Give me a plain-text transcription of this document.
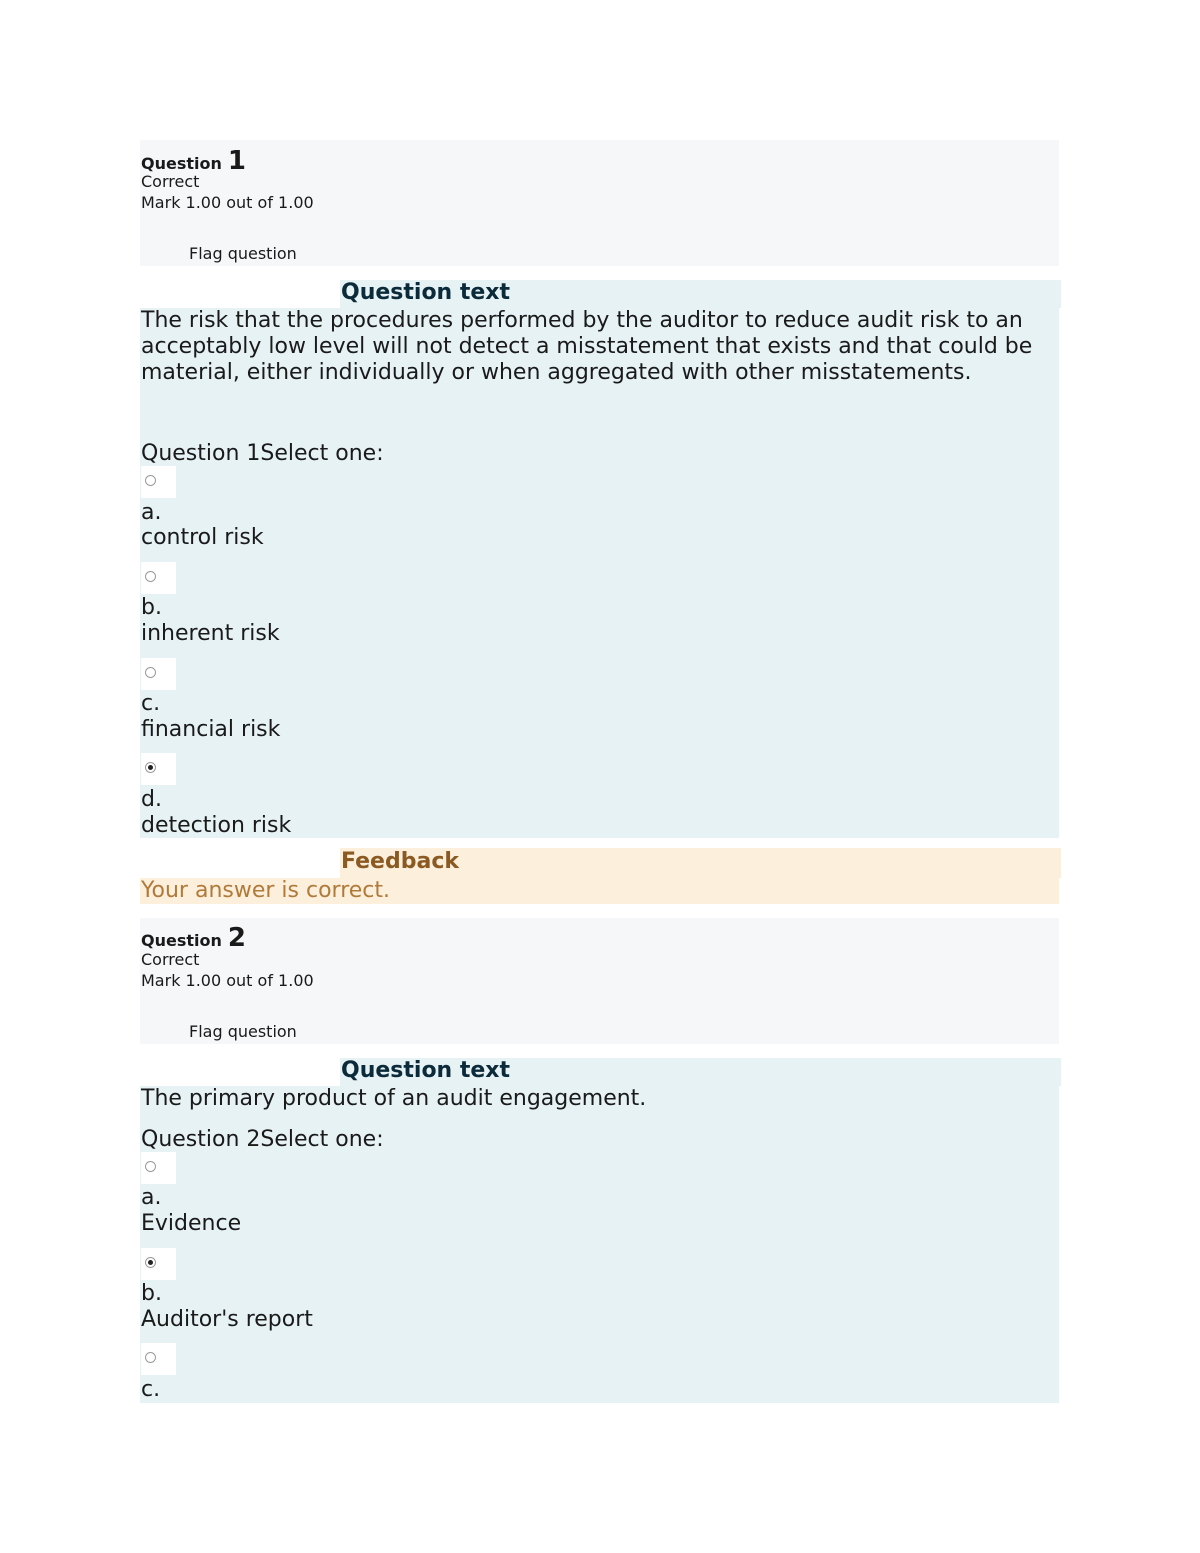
Question 1
Correct
Mark 1.00 out of 1.00
Flag question
Question text
The risk that the procedures performed by the auditor to reduce audit risk to an acceptably low level will not detect a misstatement that exists and that could be material, either individually or when aggregated with other misstatements.
Question 1Select one:
a.
control risk
b.
inherent risk
c.
financial risk
d.
detection risk
Feedback
Your answer is correct.
Question 2
Correct
Mark 1.00 out of 1.00
Flag question
Question text
The primary product of an audit engagement.
Question 2Select one:
a.
Evidence
b.
Auditor's report
c.
